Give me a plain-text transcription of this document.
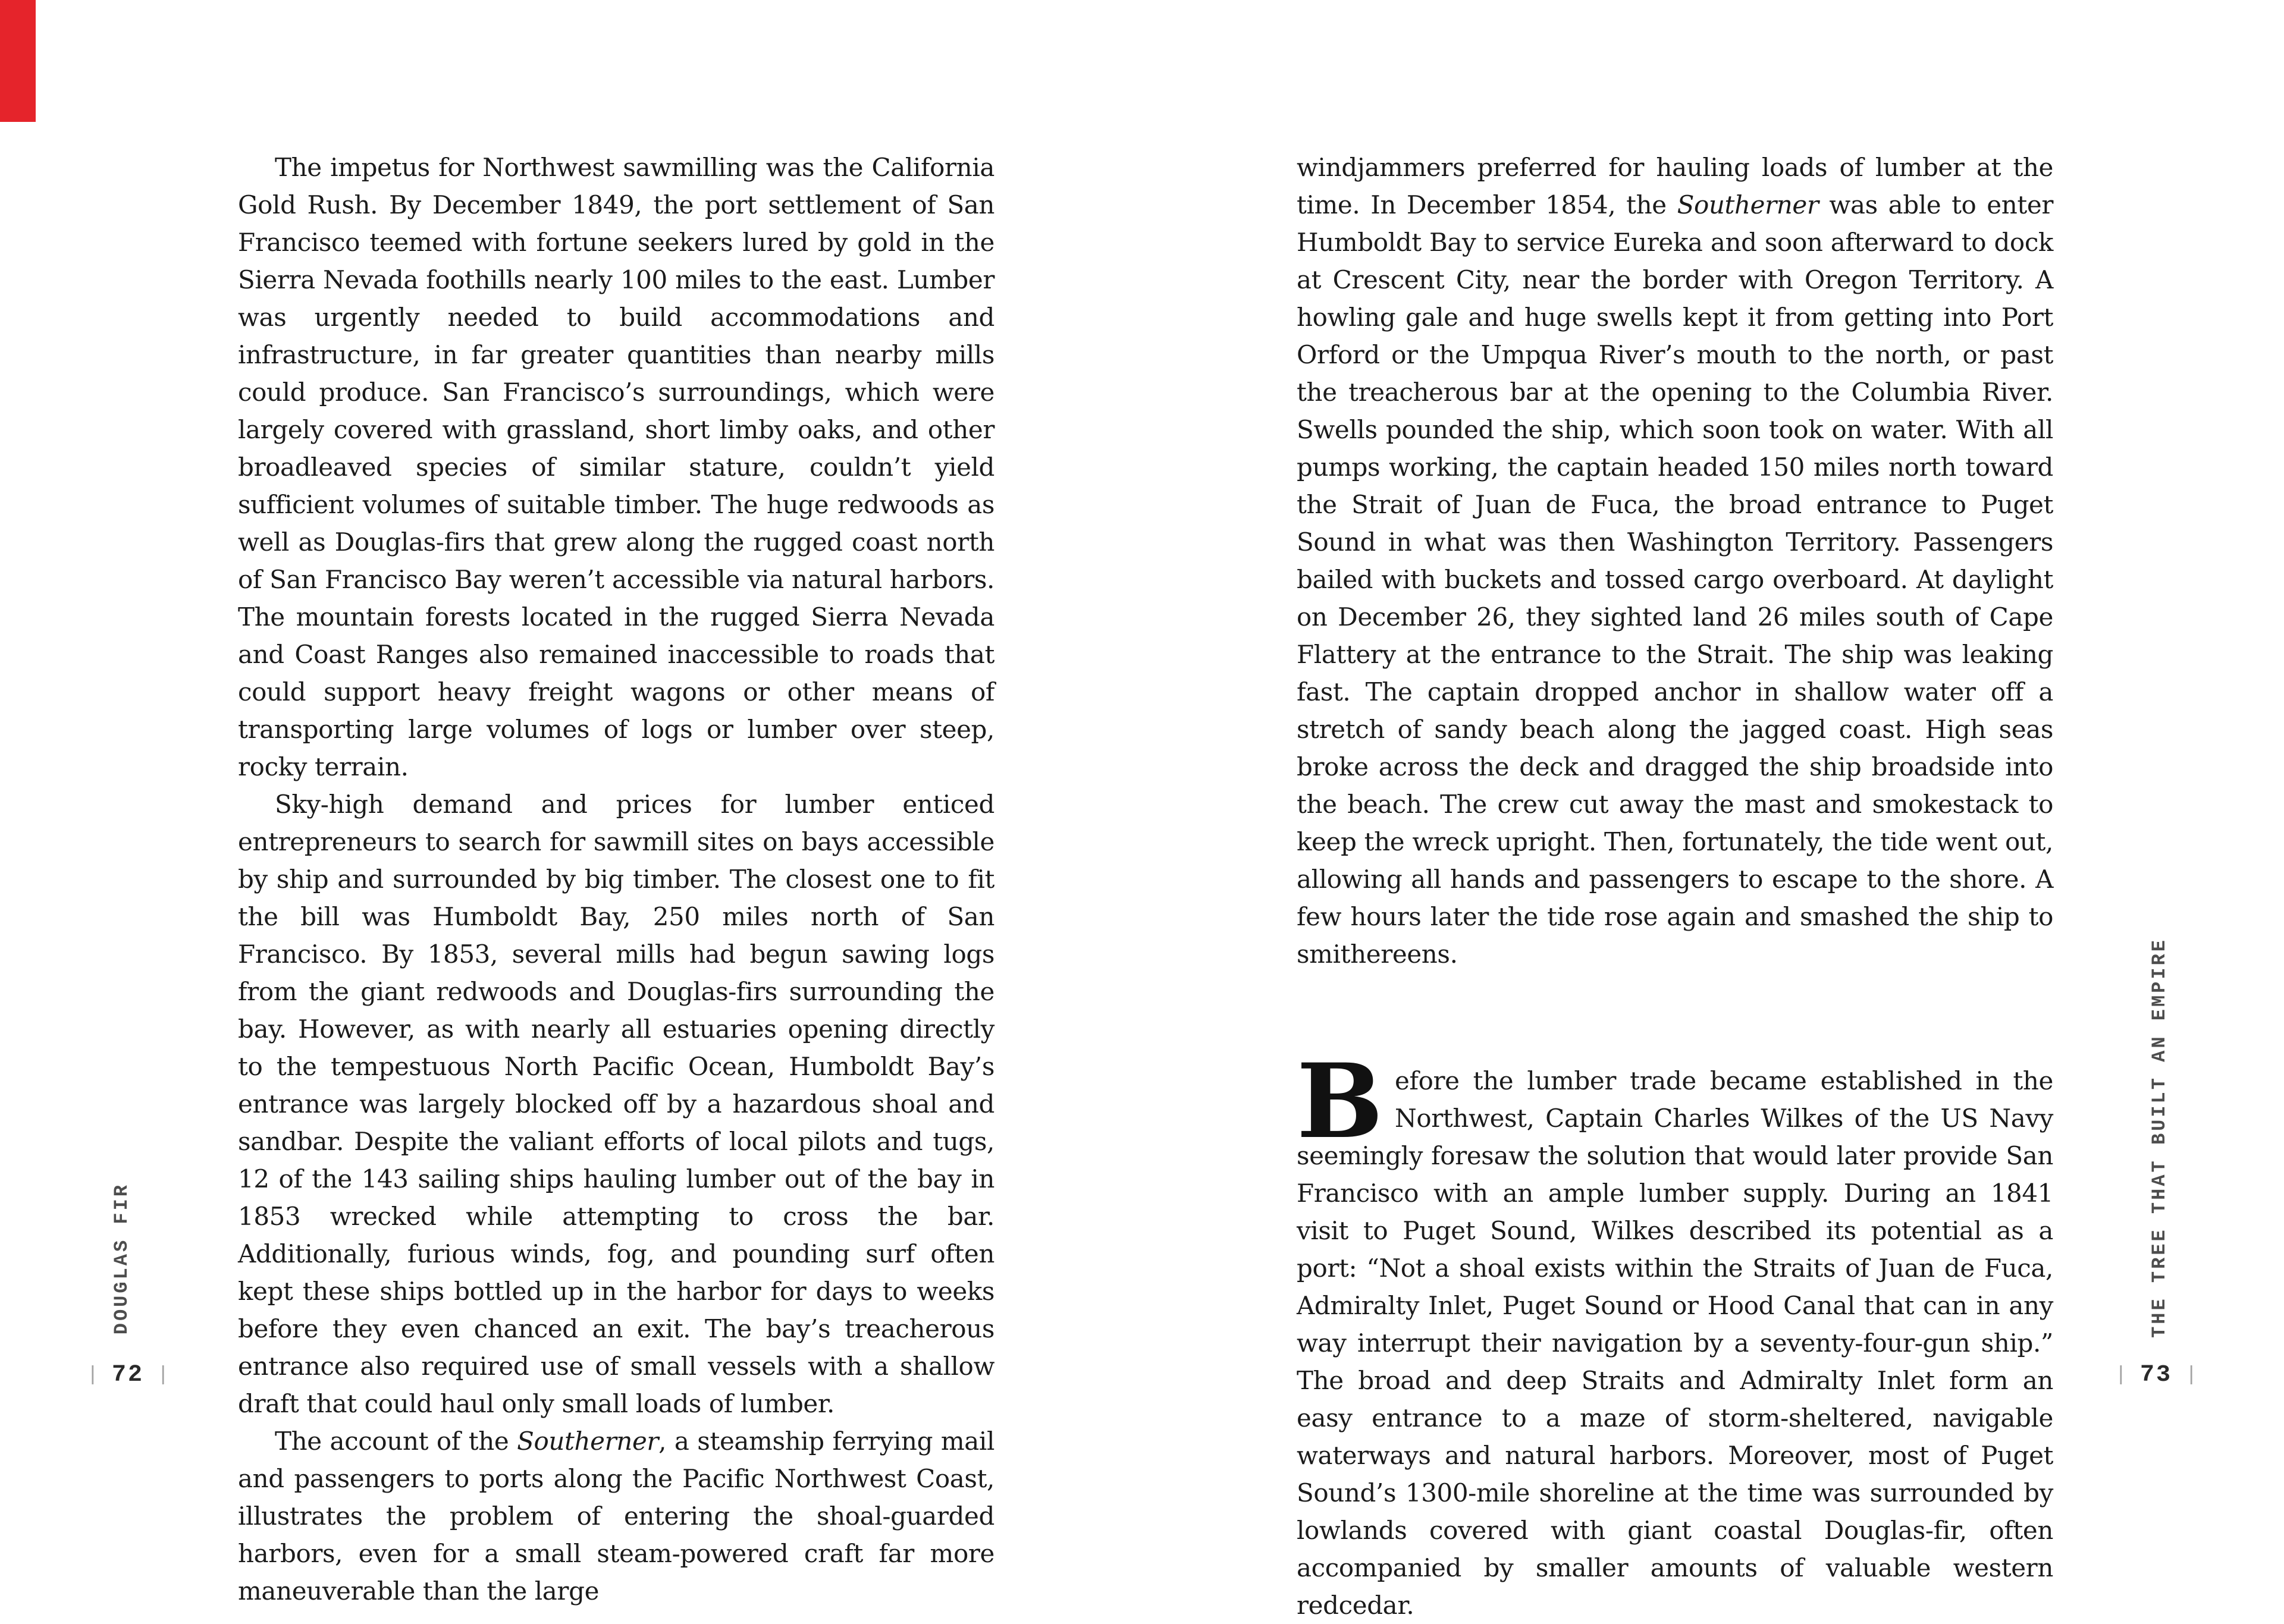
The impetus for Northwest sawmilling was the California Gold Rush. By December 1849, the port settlement of San Francisco teemed with fortune seekers lured by gold in the Sierra Nevada foothills nearly 100 miles to the east. Lumber was urgently needed to build accommodations and infrastructure, in far greater quantities than nearby mills could produce. San Francisco’s surroundings, which were largely covered with grassland, short limby oaks, and other broadleaved species of similar stature, couldn’t yield sufficient volumes of suitable timber. The huge redwoods as well as Douglas-firs that grew along the rugged coast north of San Francisco Bay weren’t accessible via natural harbors. The mountain forests located in the rugged Sierra Nevada and Coast Ranges also remained inaccessible to roads that could support heavy freight wagons or other means of transporting large volumes of logs or lumber over steep, rocky terrain.

Sky-high demand and prices for lumber enticed entrepreneurs to search for sawmill sites on bays accessible by ship and surrounded by big timber. The closest one to fit the bill was Humboldt Bay, 250 miles north of San Francisco. By 1853, several mills had begun sawing logs from the giant redwoods and Douglas-firs surrounding the bay. However, as with nearly all estuaries opening directly to the tempestuous North Pacific Ocean, Humboldt Bay’s entrance was largely blocked off by a hazardous shoal and sandbar. Despite the valiant efforts of local pilots and tugs, 12 of the 143 sailing ships hauling lumber out of the bay in 1853 wrecked while attempting to cross the bar. Additionally, furious winds, fog, and pounding surf often kept these ships bottled up in the harbor for days to weeks before they even chanced an exit. The bay’s treacherous entrance also required use of small vessels with a shallow draft that could haul only small loads of lumber.

The account of the Southerner, a steamship ferrying mail and passengers to ports along the Pacific Northwest Coast, illustrates the problem of entering the shoal-guarded harbors, even for a small steam-powered craft far more maneuverable than the large

windjammers preferred for hauling loads of lumber at the time. In December 1854, the Southerner was able to enter Humboldt Bay to service Eureka and soon afterward to dock at Crescent City, near the border with Oregon Territory. A howling gale and huge swells kept it from getting into Port Orford or the Umpqua River’s mouth to the north, or past the treacherous bar at the opening to the Columbia River. Swells pounded the ship, which soon took on water. With all pumps working, the captain headed 150 miles north toward the Strait of Juan de Fuca, the broad entrance to Puget Sound in what was then Washington Territory. Passengers bailed with buckets and tossed cargo overboard. At daylight on December 26, they sighted land 26 miles south of Cape Flattery at the entrance to the Strait. The ship was leaking fast. The captain dropped anchor in shallow water off a stretch of sandy beach along the jagged coast. High seas broke across the deck and dragged the ship broadside into the beach. The crew cut away the mast and smokestack to keep the wreck upright. Then, fortunately, the tide went out, allowing all hands and passengers to escape to the shore. A few hours later the tide rose again and smashed the ship to smithereens.

Before the lumber trade became established in the Northwest, Captain Charles Wilkes of the US Navy seemingly foresaw the solution that would later provide San Francisco with an ample lumber supply. During an 1841 visit to Puget Sound, Wilkes described its potential as a port: “Not a shoal exists within the Straits of Juan de Fuca, Admiralty Inlet, Puget Sound or Hood Canal that can in any way interrupt their navigation by a seventy-four-gun ship.” The broad and deep Straits and Admiralty Inlet form an easy entrance to a maze of storm-sheltered, navigable waterways and natural harbors. Moreover, most of Puget Sound’s 1300-mile shoreline at the time was surrounded by lowlands covered with giant coastal Douglas-fir, often accompanied by smaller amounts of valuable western redcedar.

DOUGLAS FIR	THE TREE THAT BUILT AN EMPIRE
| 72 |	| 73 |
